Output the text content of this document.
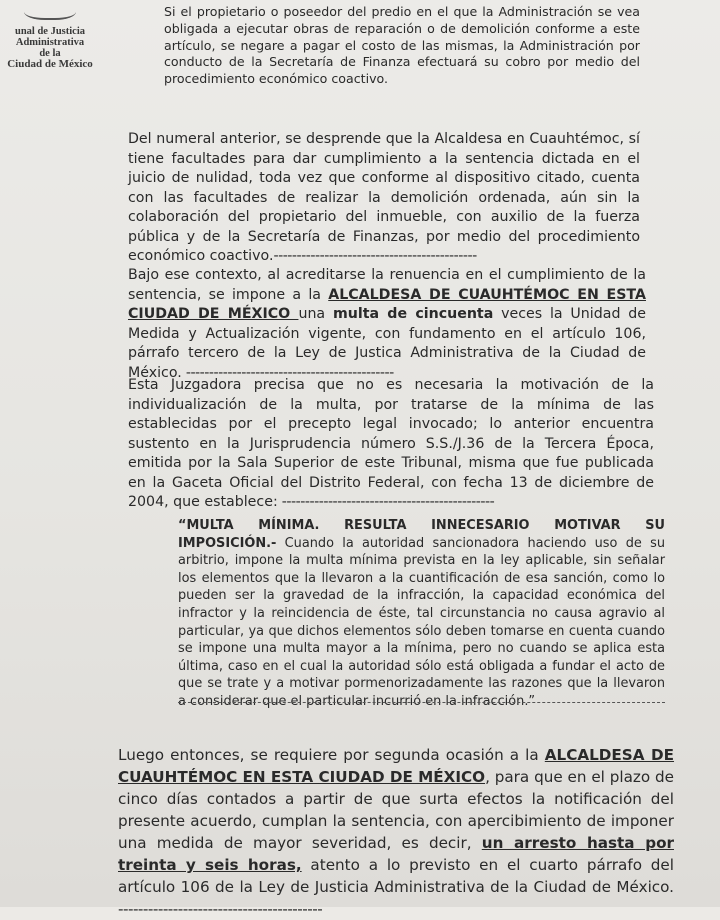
unal de Justicia
Administrativa
de la
Ciudad de México

Si el propietario o poseedor del predio en el que la Administración se vea obligada a ejecutar obras de reparación o de demolición conforme a este artículo, se negare a pagar el costo de las mismas, la Administración por conducto de la Secretaría de Finanza efectuará su cobro por medio del procedimiento económico coactivo.

Del numeral anterior, se desprende que la Alcaldesa en Cuauhtémoc, sí tiene facultades para dar cumplimiento a la sentencia dictada en el juicio de nulidad, toda vez que conforme al dispositivo citado, cuenta con las facultades de realizar la demolición ordenada, aún sin la colaboración del propietario del inmueble, con auxilio de la fuerza pública y de la Secretaría de Finanzas, por medio del procedimiento económico coactivo.--------------------------------------------

Bajo ese contexto, al acreditarse la renuencia en el cumplimiento de la sentencia, se impone a la ALCALDESA DE CUAUHTÉMOC EN ESTA CIUDAD DE MÉXICO una multa de cincuenta veces la Unidad de Medida y Actualización vigente, con fundamento en el artículo 106, párrafo tercero de la Ley de Justica Administrativa de la Ciudad de México. ---------------------------------------------

Esta Juzgadora precisa que no es necesaria la motivación de la individualización de la multa, por tratarse de la mínima de las establecidas por el precepto legal invocado; lo anterior encuentra sustento en la Jurisprudencia número S.S./J.36 de la Tercera Época, emitida por la Sala Superior de este Tribunal, misma que fue publicada en la Gaceta Oficial del Distrito Federal, con fecha 13 de diciembre de 2004, que establece: ----------------------------------------------

“MULTA MÍNIMA. RESULTA INNECESARIO MOTIVAR SU IMPOSICIÓN.- Cuando la autoridad sancionadora haciendo uso de su arbitrio, impone la multa mínima prevista en la ley aplicable, sin señalar los elementos que la llevaron a la cuantificación de esa sanción, como lo pueden ser la gravedad de la infracción, la capacidad económica del infractor y la reincidencia de éste, tal circunstancia no causa agravio al particular, ya que dichos elementos sólo deben tomarse en cuenta cuando se impone una multa mayor a la mínima, pero no cuando se aplica esta última, caso en el cual la autoridad sólo está obligada a fundar el acto de que se trate y a motivar pormenorizadamente las razones que la llevaron a considerar que el particular incurrió en la infracción.”

Luego entonces, se requiere por segunda ocasión a la ALCALDESA DE CUAUHTÉMOC EN ESTA CIUDAD DE MÉXICO, para que en el plazo de cinco días contados a partir de que surta efectos la notificación del presente acuerdo, cumplan la sentencia, con apercibimiento de imponer una medida de mayor severidad, es decir, un arresto hasta por treinta y seis horas, atento a lo previsto en el cuarto párrafo del artículo 106 de la Ley de Justicia Administrativa de la Ciudad de México. -----------------------------------------
